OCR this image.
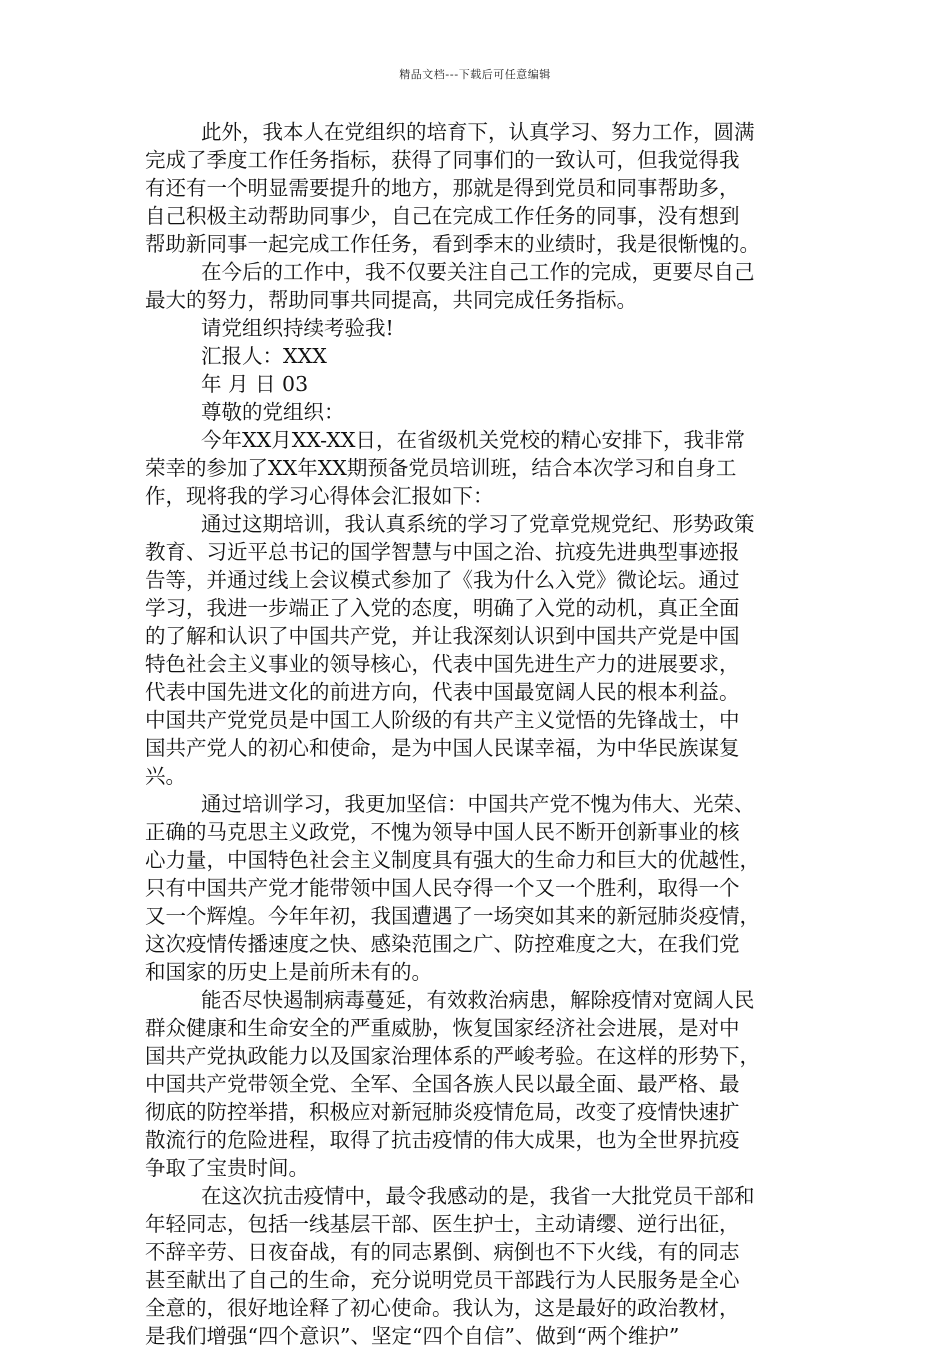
精品文档---下载后可任意编辑
此外，我本人在党组织的培育下，认真学习、努力工作，圆满
完成了季度工作任务指标，获得了同事们的一致认可，但我觉得我
有还有一个明显需要提升的地方，那就是得到党员和同事帮助多，
自己积极主动帮助同事少，自己在完成工作任务的同事，没有想到
帮助新同事一起完成工作任务，看到季末的业绩时，我是很惭愧的。
在今后的工作中，我不仅要关注自己工作的完成，更要尽自己
最大的努力，帮助同事共同提高，共同完成任务指标。
请党组织持续考验我!
汇报人：XXX
年 月 日 03
尊敬的党组织：
今年XX月XX-XX日，在省级机关党校的精心安排下，我非常
荣幸的参加了XX年XX期预备党员培训班，结合本次学习和自身工
作，现将我的学习心得体会汇报如下：
通过这期培训，我认真系统的学习了党章党规党纪、形势政策
教育、习近平总书记的国学智慧与中国之治、抗疫先进典型事迹报
告等，并通过线上会议模式参加了《我为什么入党》微论坛。通过
学习，我进一步端正了入党的态度，明确了入党的动机，真正全面
的了解和认识了中国共产党，并让我深刻认识到中国共产党是中国
特色社会主义事业的领导核心，代表中国先进生产力的进展要求，
代表中国先进文化的前进方向，代表中国最宽阔人民的根本利益。
中国共产党党员是中国工人阶级的有共产主义觉悟的先锋战士，中
国共产党人的初心和使命，是为中国人民谋幸福，为中华民族谋复
兴。
通过培训学习，我更加坚信：中国共产党不愧为伟大、光荣、
正确的马克思主义政党，不愧为领导中国人民不断开创新事业的核
心力量，中国特色社会主义制度具有强大的生命力和巨大的优越性，
只有中国共产党才能带领中国人民夺得一个又一个胜利，取得一个
又一个辉煌。今年年初，我国遭遇了一场突如其来的新冠肺炎疫情，
这次疫情传播速度之快、感染范围之广、防控难度之大，在我们党
和国家的历史上是前所未有的。
能否尽快遏制病毒蔓延，有效救治病患，解除疫情对宽阔人民
群众健康和生命安全的严重威胁，恢复国家经济社会进展，是对中
国共产党执政能力以及国家治理体系的严峻考验。在这样的形势下，
中国共产党带领全党、全军、全国各族人民以最全面、最严格、最
彻底的防控举措，积极应对新冠肺炎疫情危局，改变了疫情快速扩
散流行的危险进程，取得了抗击疫情的伟大成果，也为全世界抗疫
争取了宝贵时间。
在这次抗击疫情中，最令我感动的是，我省一大批党员干部和
年轻同志，包括一线基层干部、医生护士，主动请缨、逆行出征，
不辞辛劳、日夜奋战，有的同志累倒、病倒也不下火线，有的同志
甚至献出了自己的生命，充分说明党员干部践行为人民服务是全心
全意的，很好地诠释了初心使命。我认为，这是最好的政治教材，
是我们增强“四个意识”、坚定“四个自信”、做到“两个维护”
